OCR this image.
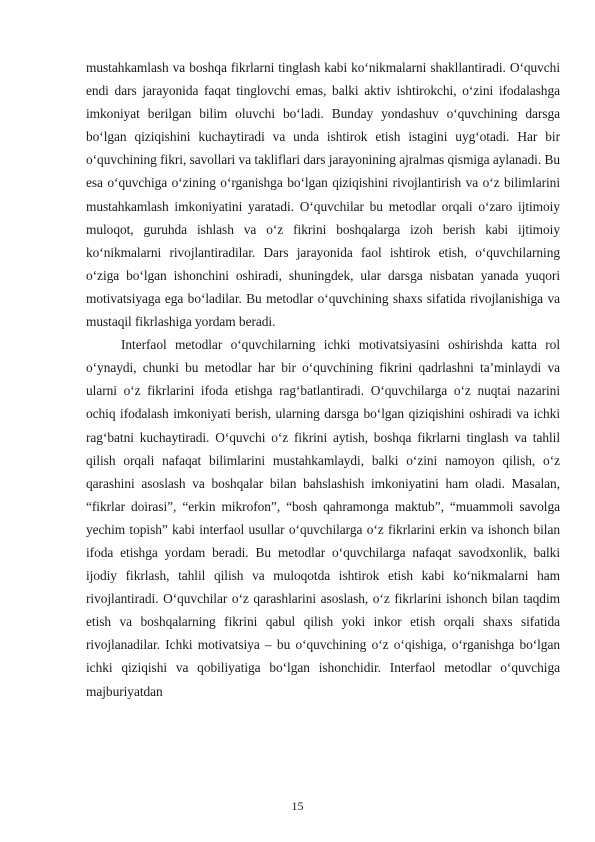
mustahkamlash va boshqa fikrlarni tinglash kabi ko‘nikmalarni shakllantiradi. O‘quvchi endi dars jarayonida faqat tinglovchi emas, balki aktiv ishtirokchi, o‘zini ifodalashga imkoniyat berilgan bilim oluvchi bo‘ladi. Bunday yondashuv o‘quvchining darsga bo‘lgan qiziqishini kuchaytiradi va unda ishtirok etish istagini uyg‘otadi. Har bir o‘quvchining fikri, savollari va takliflari dars jarayonining ajralmas qismiga aylanadi. Bu esa o‘quvchiga o‘zining o‘rganishga bo‘lgan qiziqishini rivojlantirish va o‘z bilimlarini mustahkamlash imkoniyatini yaratadi. O‘quvchilar bu metodlar orqali o‘zaro ijtimoiy muloqot, guruhda ishlash va o‘z fikrini boshqalarga izoh berish kabi ijtimoiy ko‘nikmalarni rivojlantiradilar. Dars jarayonida faol ishtirok etish, o‘quvchilarning o‘ziga bo‘lgan ishonchini oshiradi, shuningdek, ular darsga nisbatan yanada yuqori motivatsiyaga ega bo‘ladilar. Bu metodlar o‘quvchining shaxs sifatida rivojlanishiga va mustaqil fikrlashiga yordam beradi.

Interfaol metodlar o‘quvchilarning ichki motivatsiyasini oshirishda katta rol o‘ynaydi, chunki bu metodlar har bir o‘quvchining fikrini qadrlashni ta’minlaydi va ularni o‘z fikrlarini ifoda etishga rag‘batlantiradi. O‘quvchilarga o‘z nuqtai nazarini ochiq ifodalash imkoniyati berish, ularning darsga bo‘lgan qiziqishini oshiradi va ichki rag‘batni kuchaytiradi. O‘quvchi o‘z fikrini aytish, boshqa fikrlarni tinglash va tahlil qilish orqali nafaqat bilimlarini mustahkamlaydi, balki o‘zini namoyon qilish, o‘z qarashini asoslash va boshqalar bilan bahslashish imkoniyatini ham oladi. Masalan, “fikrlar doirasi”, “erkin mikrofon”, “bosh qahramonga maktub”, “muammoli savolga yechim topish” kabi interfaol usullar o‘quvchilarga o‘z fikrlarini erkin va ishonch bilan ifoda etishga yordam beradi. Bu metodlar o‘quvchilarga nafaqat savodxonlik, balki ijodiy fikrlash, tahlil qilish va muloqotda ishtirok etish kabi ko‘nikmalarni ham rivojlantiradi. O‘quvchilar o‘z qarashlarini asoslash, o‘z fikrlarini ishonch bilan taqdim etish va boshqalarning fikrini qabul qilish yoki inkor etish orqali shaxs sifatida rivojlanadilar. Ichki motivatsiya – bu o‘quvchining o‘z o‘qishiga, o‘rganishga bo‘lgan ichki qiziqishi va qobiliyatiga bo‘lgan ishonchidir. Interfaol metodlar o‘quvchiga majburiyatdan

15
